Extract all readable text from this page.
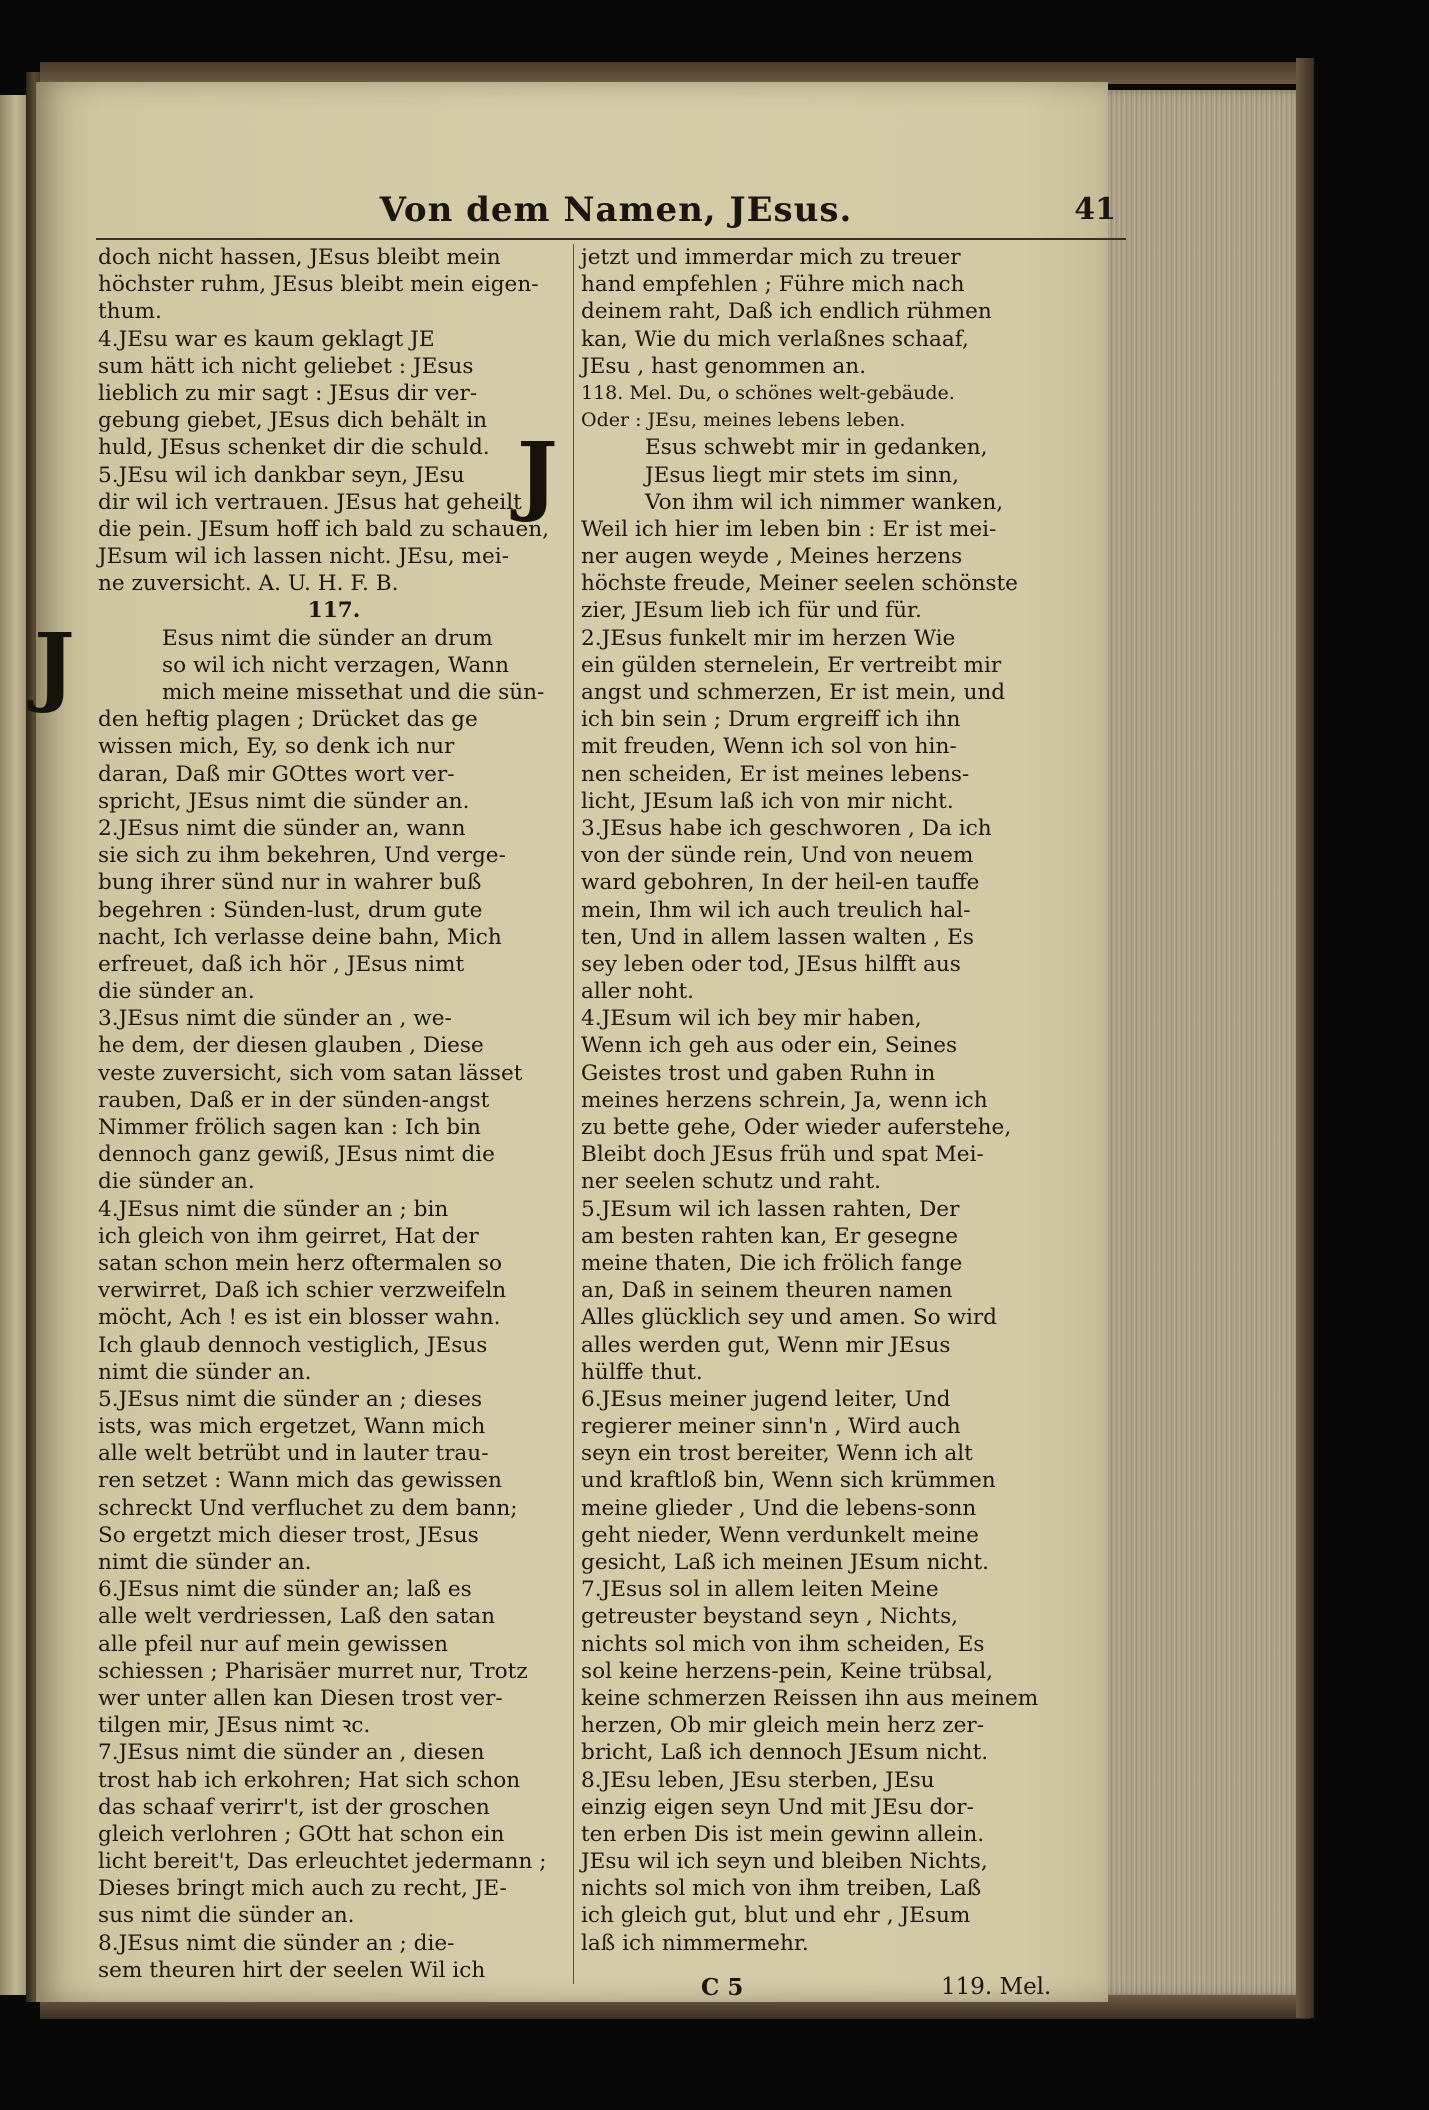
Von dem Namen, JEsus.	41
doch nicht hassen, JEsus bleibt mein
höchster ruhm, JEsus bleibt mein eigen-
thum.
4.JEsu war es kaum geklagt JE
sum hätt ich nicht geliebet : JEsus
lieblich zu mir sagt : JEsus dir ver-
gebung giebet, JEsus dich behält in
huld, JEsus schenket dir die schuld.
5.JEsu wil ich dankbar seyn, JEsu
dir wil ich vertrauen. JEsus hat geheilt
die pein. JEsum hoff ich bald zu schauen,
JEsum wil ich lassen nicht. JEsu, mei-
ne zuversicht. A. U. H. F. B.
117.
J	Esus nimt die sünder an drum
so wil ich nicht verzagen, Wann
mich meine missethat und die sün-
den heftig plagen ; Drücket das ge
wissen mich, Ey, so denk ich nur
daran, Daß mir GOttes wort ver-
spricht, JEsus nimt die sünder an.
2.JEsus nimt die sünder an, wann
sie sich zu ihm bekehren, Und verge-
bung ihrer sünd nur in wahrer buß
begehren : Sünden-lust, drum gute
nacht, Ich verlasse deine bahn, Mich
erfreuet, daß ich hör , JEsus nimt
die sünder an.
3.JEsus nimt die sünder an , we-
he dem, der diesen glauben , Diese
veste zuversicht, sich vom satan lässet
rauben, Daß er in der sünden-angst
Nimmer frölich sagen kan : Ich bin
dennoch ganz gewiß, JEsus nimt die
die sünder an.
4.JEsus nimt die sünder an ; bin
ich gleich von ihm geirret, Hat der
satan schon mein herz oftermalen so
verwirret, Daß ich schier verzweifeln
möcht, Ach ! es ist ein blosser wahn.
Ich glaub dennoch vestiglich, JEsus
nimt die sünder an.
5.JEsus nimt die sünder an ; dieses
ists, was mich ergetzet, Wann mich
alle welt betrübt und in lauter trau-
ren setzet : Wann mich das gewissen
schreckt Und verfluchet zu dem bann;
So ergetzt mich dieser trost, JEsus
nimt die sünder an.
6.JEsus nimt die sünder an; laß es
alle welt verdriessen, Laß den satan
alle pfeil nur auf mein gewissen
schiessen ; Pharisäer murret nur, Trotz
wer unter allen kan Diesen trost ver-
tilgen mir, JEsus nimt ꝛc.
7.JEsus nimt die sünder an , diesen
trost hab ich erkohren; Hat sich schon
das schaaf verirr't, ist der groschen
gleich verlohren ; GOtt hat schon ein
licht bereit't, Das erleuchtet jedermann ;
Dieses bringt mich auch zu recht, JE-
sus nimt die sünder an.
8.JEsus nimt die sünder an ; die-
sem theuren hirt der seelen Wil ich
jetzt und immerdar mich zu treuer
hand empfehlen ; Führe mich nach
deinem raht, Daß ich endlich rühmen
kan, Wie du mich verlaßnes schaaf,
JEsu , hast genommen an.
118. Mel. Du, o schönes welt-gebäude.
Oder : JEsu, meines lebens leben.
J	Esus schwebt mir in gedanken,
JEsus liegt mir stets im sinn,
Von ihm wil ich nimmer wanken,
Weil ich hier im leben bin : Er ist mei-
ner augen weyde , Meines herzens
höchste freude, Meiner seelen schönste
zier, JEsum lieb ich für und für.
2.JEsus funkelt mir im herzen Wie
ein gülden sternelein, Er vertreibt mir
angst und schmerzen, Er ist mein, und
ich bin sein ; Drum ergreiff ich ihn
mit freuden, Wenn ich sol von hin-
nen scheiden, Er ist meines lebens-
licht, JEsum laß ich von mir nicht.
3.JEsus habe ich geschworen , Da ich
von der sünde rein, Und von neuem
ward gebohren, In der heil-en tauffe
mein, Ihm wil ich auch treulich hal-
ten, Und in allem lassen walten , Es
sey leben oder tod, JEsus hilfft aus
aller noht.
4.JEsum wil ich bey mir haben,
Wenn ich geh aus oder ein, Seines
Geistes trost und gaben Ruhn in
meines herzens schrein, Ja, wenn ich
zu bette gehe, Oder wieder auferstehe,
Bleibt doch JEsus früh und spat Mei-
ner seelen schutz und raht.
5.JEsum wil ich lassen rahten, Der
am besten rahten kan, Er gesegne
meine thaten, Die ich frölich fange
an, Daß in seinem theuren namen
Alles glücklich sey und amen. So wird
alles werden gut, Wenn mir JEsus
hülffe thut.
6.JEsus meiner jugend leiter, Und
regierer meiner sinn'n , Wird auch
seyn ein trost bereiter, Wenn ich alt
und kraftloß bin, Wenn sich krümmen
meine glieder , Und die lebens-sonn
geht nieder, Wenn verdunkelt meine
gesicht, Laß ich meinen JEsum nicht.
7.JEsus sol in allem leiten Meine
getreuster beystand seyn , Nichts,
nichts sol mich von ihm scheiden, Es
sol keine herzens-pein, Keine trübsal,
keine schmerzen Reissen ihn aus meinem
herzen, Ob mir gleich mein herz zer-
bricht, Laß ich dennoch JEsum nicht.
8.JEsu leben, JEsu sterben, JEsu
einzig eigen seyn Und mit JEsu dor-
ten erben Dis ist mein gewinn allein.
JEsu wil ich seyn und bleiben Nichts,
nichts sol mich von ihm treiben, Laß
ich gleich gut, blut und ehr , JEsum
laß ich nimmermehr.
C 5	119. Mel.
